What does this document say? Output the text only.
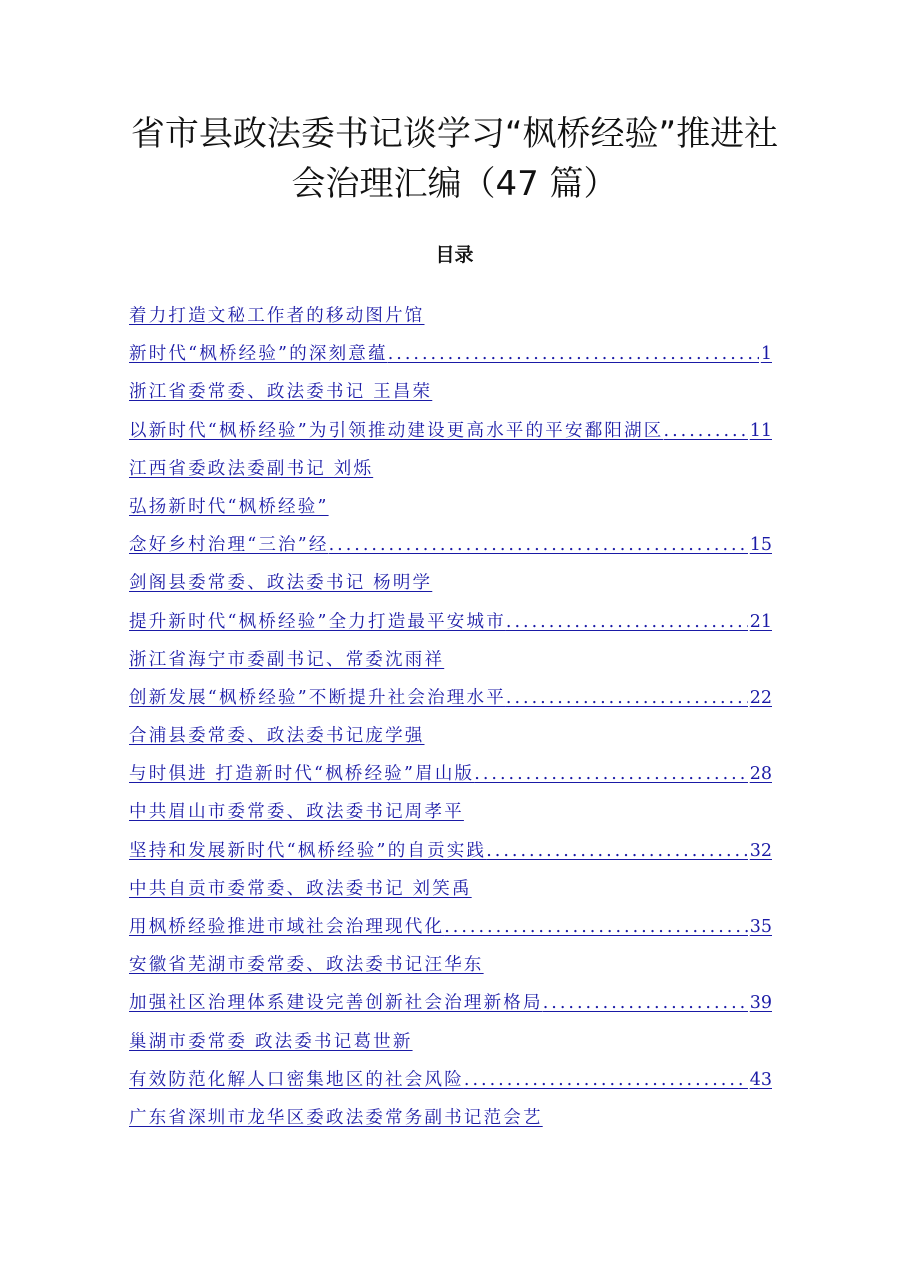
省市县政法委书记谈学习“枫桥经验”推进社
会治理汇编（47 篇）
目录
着力打造文秘工作者的移动图片馆
新时代“枫桥经验”的深刻意蕴 .....	1
浙江省委常委、政法委书记 王昌荣
以新时代“枫桥经验”为引领推动建设更高水平的平安鄱阳湖区 .....	11
江西省委政法委副书记 刘烁
弘扬新时代“枫桥经验”
念好乡村治理“三治”经 .....	15
剑阁县委常委、政法委书记 杨明学
提升新时代“枫桥经验”全力打造最平安城市 .....	21
浙江省海宁市委副书记、常委沈雨祥
创新发展“枫桥经验”不断提升社会治理水平 .....	22
合浦县委常委、政法委书记庞学强
与时俱进 打造新时代“枫桥经验”眉山版 .....	28
中共眉山市委常委、政法委书记周孝平
坚持和发展新时代“枫桥经验”的自贡实践 .....	32
中共自贡市委常委、政法委书记 刘笑禹
用枫桥经验推进市域社会治理现代化 .....	35
安徽省芜湖市委常委、政法委书记汪华东
加强社区治理体系建设完善创新社会治理新格局 .....	39
巢湖市委常委 政法委书记葛世新
有效防范化解人口密集地区的社会风险 .....	43
广东省深圳市龙华区委政法委常务副书记范会艺
